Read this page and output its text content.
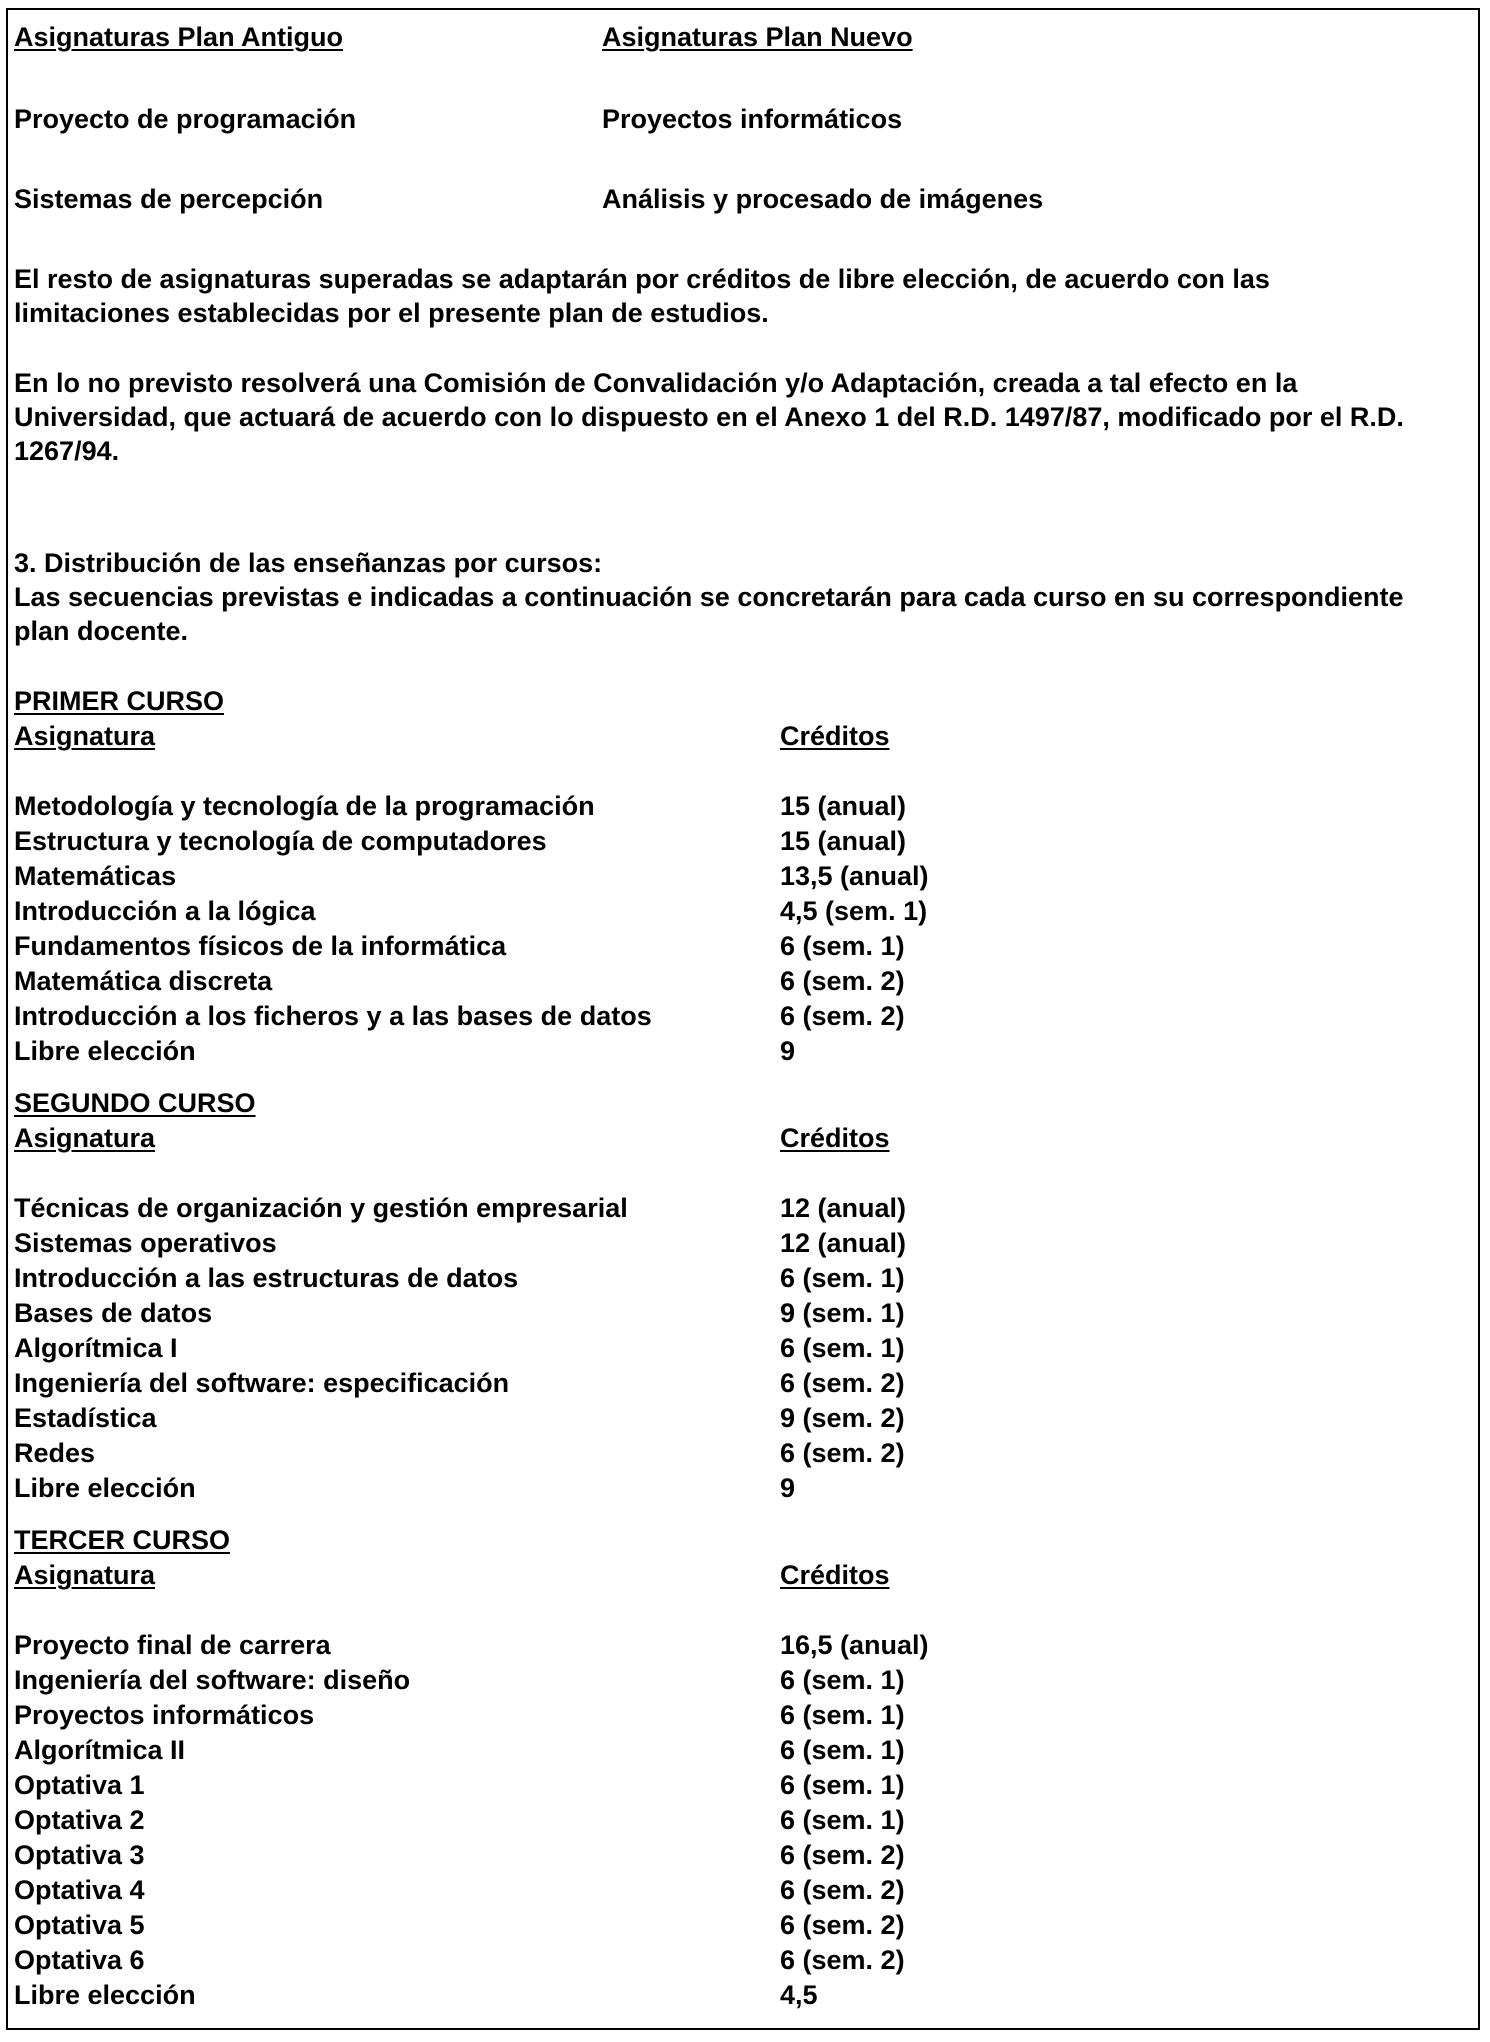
Asignaturas Plan Antiguo	Asignaturas Plan Nuevo
Proyecto de programación	Proyectos informáticos
Sistemas de percepción	Análisis y procesado de imágenes

El resto de asignaturas superadas se adaptarán por créditos de libre elección, de acuerdo con las limitaciones establecidas por el presente plan de estudios.

En lo no previsto resolverá una Comisión de Convalidación y/o Adaptación, creada a tal efecto en la Universidad, que actuará de acuerdo con lo dispuesto en el Anexo 1 del R.D. 1497/87, modificado por el R.D. 1267/94.

3. Distribución de las enseñanzas por cursos:

Las secuencias previstas e indicadas a continuación se concretarán para cada curso en su correspondiente plan docente.

PRIMER CURSO
Asignatura	Créditos
Metodología y tecnología de la programación	15 (anual)
Estructura y tecnología de computadores	15 (anual)
Matemáticas	13,5 (anual)
Introducción a la lógica	4,5 (sem. 1)
Fundamentos físicos de la informática	6 (sem. 1)
Matemática discreta	6 (sem. 2)
Introducción a los ficheros y a las bases de datos	6 (sem. 2)
Libre elección	9
SEGUNDO CURSO
Asignatura	Créditos
Técnicas de organización y gestión empresarial	12 (anual)
Sistemas operativos	12 (anual)
Introducción a las estructuras de datos	6 (sem. 1)
Bases de datos	9 (sem. 1)
Algorítmica I	6 (sem. 1)
Ingeniería del software: especificación	6 (sem. 2)
Estadística	9 (sem. 2)
Redes	6 (sem. 2)
Libre elección	9
TERCER CURSO
Asignatura	Créditos
Proyecto final de carrera	16,5 (anual)
Ingeniería del software: diseño	6 (sem. 1)
Proyectos informáticos	6 (sem. 1)
Algorítmica II	6 (sem. 1)
Optativa 1	6 (sem. 1)
Optativa 2	6 (sem. 1)
Optativa 3	6 (sem. 2)
Optativa 4	6 (sem. 2)
Optativa 5	6 (sem. 2)
Optativa 6	6 (sem. 2)
Libre elección	4,5
